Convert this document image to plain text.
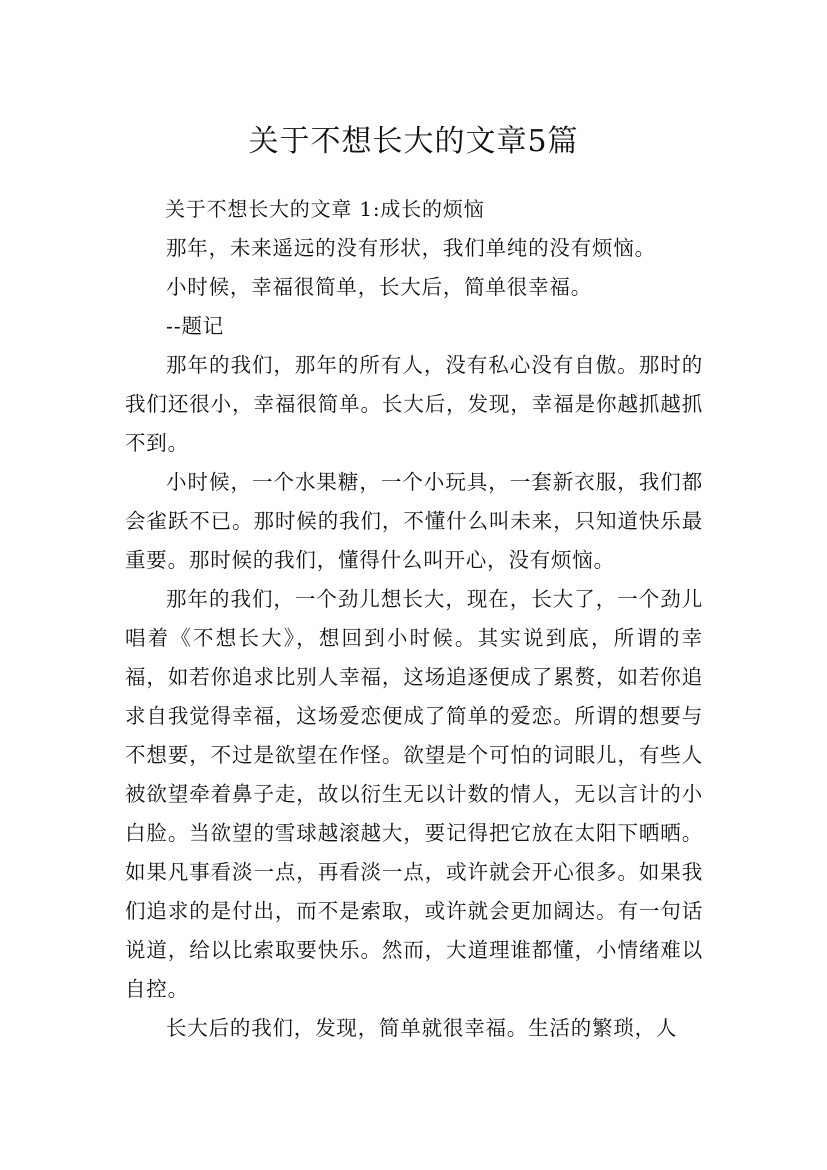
关于不想长大的文章5篇

关于不想长大的文章 1:成长的烦恼

那年，未来遥远的没有形状，我们单纯的没有烦恼。

小时候，幸福很简单，长大后，简单很幸福。

--题记

那年的我们，那年的所有人，没有私心没有自傲。那时的我们还很小，幸福很简单。长大后，发现，幸福是你越抓越抓不到。

小时候，一个水果糖，一个小玩具，一套新衣服，我们都会雀跃不已。那时候的我们，不懂什么叫未来，只知道快乐最重要。那时候的我们，懂得什么叫开心，没有烦恼。

那年的我们，一个劲儿想长大，现在，长大了，一个劲儿唱着《不想长大》，想回到小时候。其实说到底，所谓的幸福，如若你追求比别人幸福，这场追逐便成了累赘，如若你追求自我觉得幸福，这场爱恋便成了简单的爱恋。所谓的想要与不想要，不过是欲望在作怪。欲望是个可怕的词眼儿，有些人被欲望牵着鼻子走，故以衍生无以计数的情人，无以言计的小白脸。当欲望的雪球越滚越大，要记得把它放在太阳下晒晒。如果凡事看淡一点，再看淡一点，或许就会开心很多。如果我们追求的是付出，而不是索取，或许就会更加阔达。有一句话说道，给以比索取要快乐。然而，大道理谁都懂，小情绪难以自控。

长大后的我们，发现，简单就很幸福。生活的繁琐，人
